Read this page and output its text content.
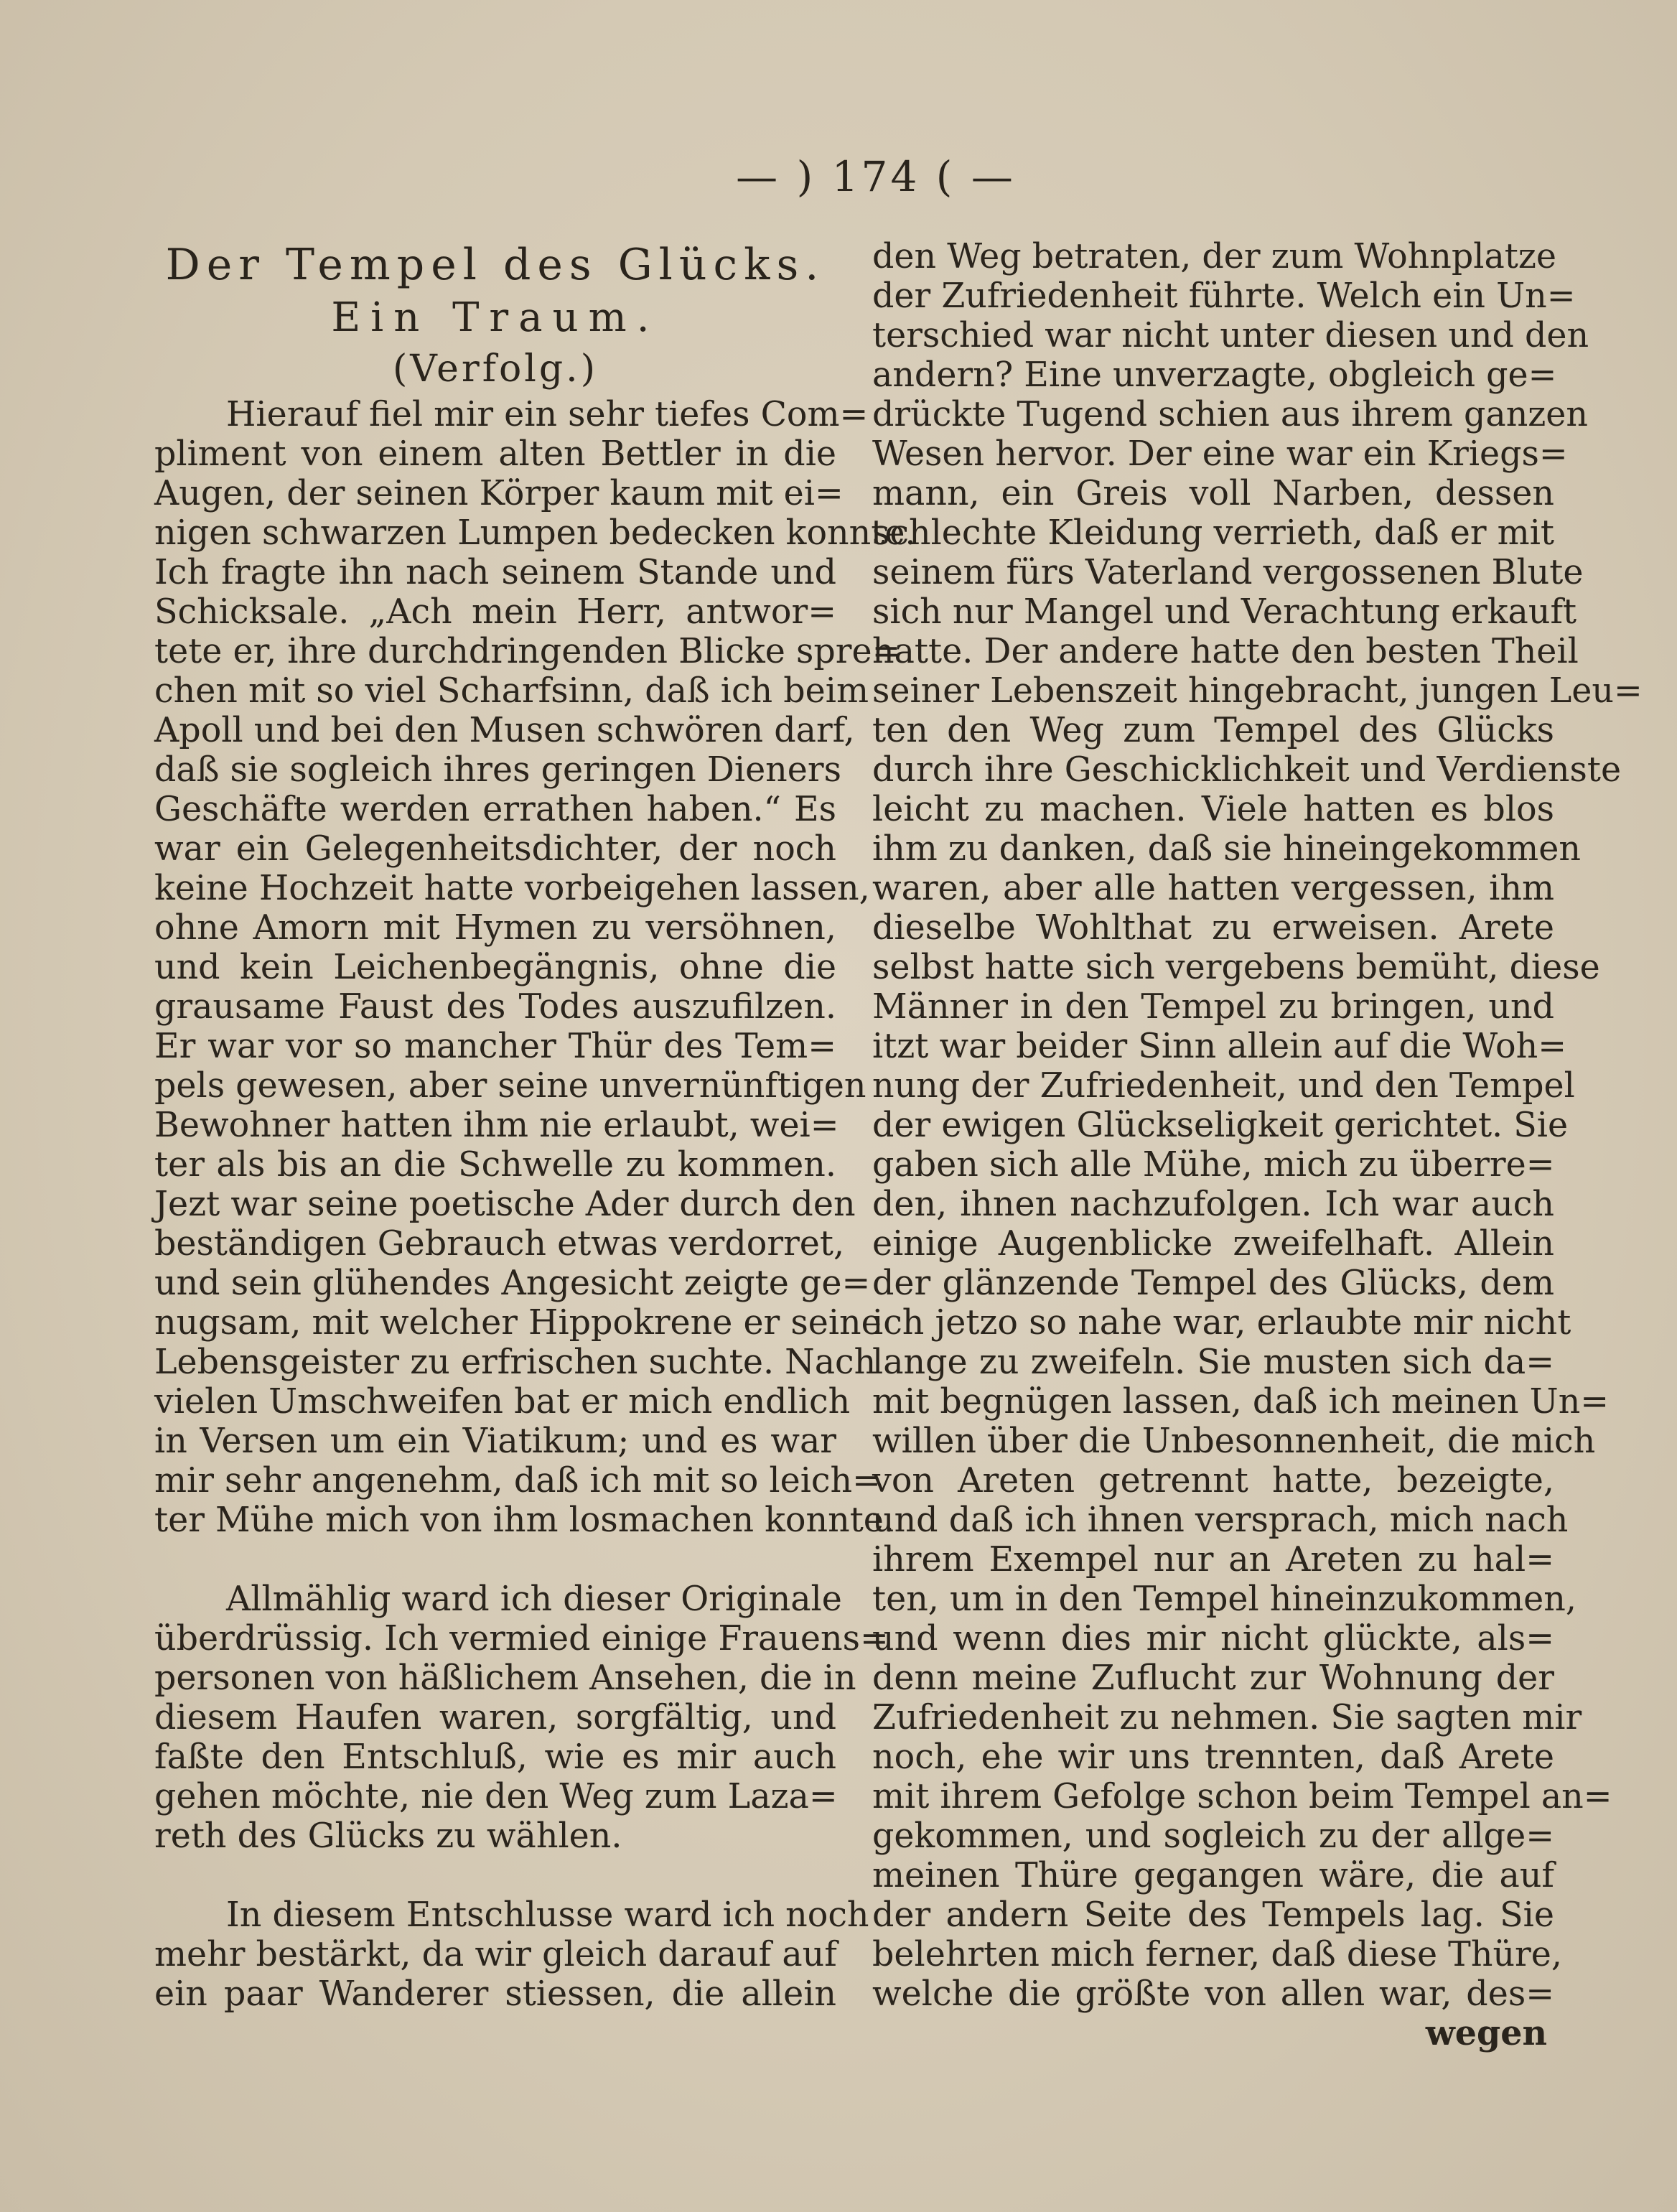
— ) 174 ( —
Der Tempel des Glücks.
Ein Traum.
(Verfolg.)
Hierauf fiel mir ein sehr tiefes Com=
pliment von einem alten Bettler in die
Augen, der seinen Körper kaum mit ei=
nigen schwarzen Lumpen bedecken konnte.
Ich fragte ihn nach seinem Stande und
Schicksale. „Ach mein Herr, antwor=
tete er, ihre durchdringenden Blicke spre=
chen mit so viel Scharfsinn, daß ich beim
Apoll und bei den Musen schwören darf,
daß sie sogleich ihres geringen Dieners
Geschäfte werden errathen haben.“ Es
war ein Gelegenheitsdichter, der noch
keine Hochzeit hatte vorbeigehen lassen,
ohne Amorn mit Hymen zu versöhnen,
und kein Leichenbegängnis, ohne die
grausame Faust des Todes auszufilzen.
Er war vor so mancher Thür des Tem=
pels gewesen, aber seine unvernünftigen
Bewohner hatten ihm nie erlaubt, wei=
ter als bis an die Schwelle zu kommen.
Jezt war seine poetische Ader durch den
beständigen Gebrauch etwas verdorret,
und sein glühendes Angesicht zeigte ge=
nugsam, mit welcher Hippokrene er seine
Lebensgeister zu erfrischen suchte. Nach
vielen Umschweifen bat er mich endlich
in Versen um ein Viatikum; und es war
mir sehr angenehm, daß ich mit so leich=
ter Mühe mich von ihm losmachen konnte.
Allmählig ward ich dieser Originale
überdrüssig. Ich vermied einige Frauens=
personen von häßlichem Ansehen, die in
diesem Haufen waren, sorgfältig, und
faßte den Entschluß, wie es mir auch
gehen möchte, nie den Weg zum Laza=
reth des Glücks zu wählen.
In diesem Entschlusse ward ich noch
mehr bestärkt, da wir gleich darauf auf
ein paar Wanderer stiessen, die allein
den Weg betraten, der zum Wohnplatze
der Zufriedenheit führte. Welch ein Un=
terschied war nicht unter diesen und den
andern? Eine unverzagte, obgleich ge=
drückte Tugend schien aus ihrem ganzen
Wesen hervor. Der eine war ein Kriegs=
mann, ein Greis voll Narben, dessen
schlechte Kleidung verrieth, daß er mit
seinem fürs Vaterland vergossenen Blute
sich nur Mangel und Verachtung erkauft
hatte. Der andere hatte den besten Theil
seiner Lebenszeit hingebracht, jungen Leu=
ten den Weg zum Tempel des Glücks
durch ihre Geschicklichkeit und Verdienste
leicht zu machen. Viele hatten es blos
ihm zu danken, daß sie hineingekommen
waren, aber alle hatten vergessen, ihm
dieselbe Wohlthat zu erweisen. Arete
selbst hatte sich vergebens bemüht, diese
Männer in den Tempel zu bringen, und
itzt war beider Sinn allein auf die Woh=
nung der Zufriedenheit, und den Tempel
der ewigen Glückseligkeit gerichtet. Sie
gaben sich alle Mühe, mich zu überre=
den, ihnen nachzufolgen. Ich war auch
einige Augenblicke zweifelhaft. Allein
der glänzende Tempel des Glücks, dem
ich jetzo so nahe war, erlaubte mir nicht
lange zu zweifeln. Sie musten sich da=
mit begnügen lassen, daß ich meinen Un=
willen über die Unbesonnenheit, die mich
von Areten getrennt hatte, bezeigte,
und daß ich ihnen versprach, mich nach
ihrem Exempel nur an Areten zu hal=
ten, um in den Tempel hineinzukommen,
und wenn dies mir nicht glückte, als=
denn meine Zuflucht zur Wohnung der
Zufriedenheit zu nehmen. Sie sagten mir
noch, ehe wir uns trennten, daß Arete
mit ihrem Gefolge schon beim Tempel an=
gekommen, und sogleich zu der allge=
meinen Thüre gegangen wäre, die auf
der andern Seite des Tempels lag. Sie
belehrten mich ferner, daß diese Thüre,
welche die größte von allen war, des=
wegen
